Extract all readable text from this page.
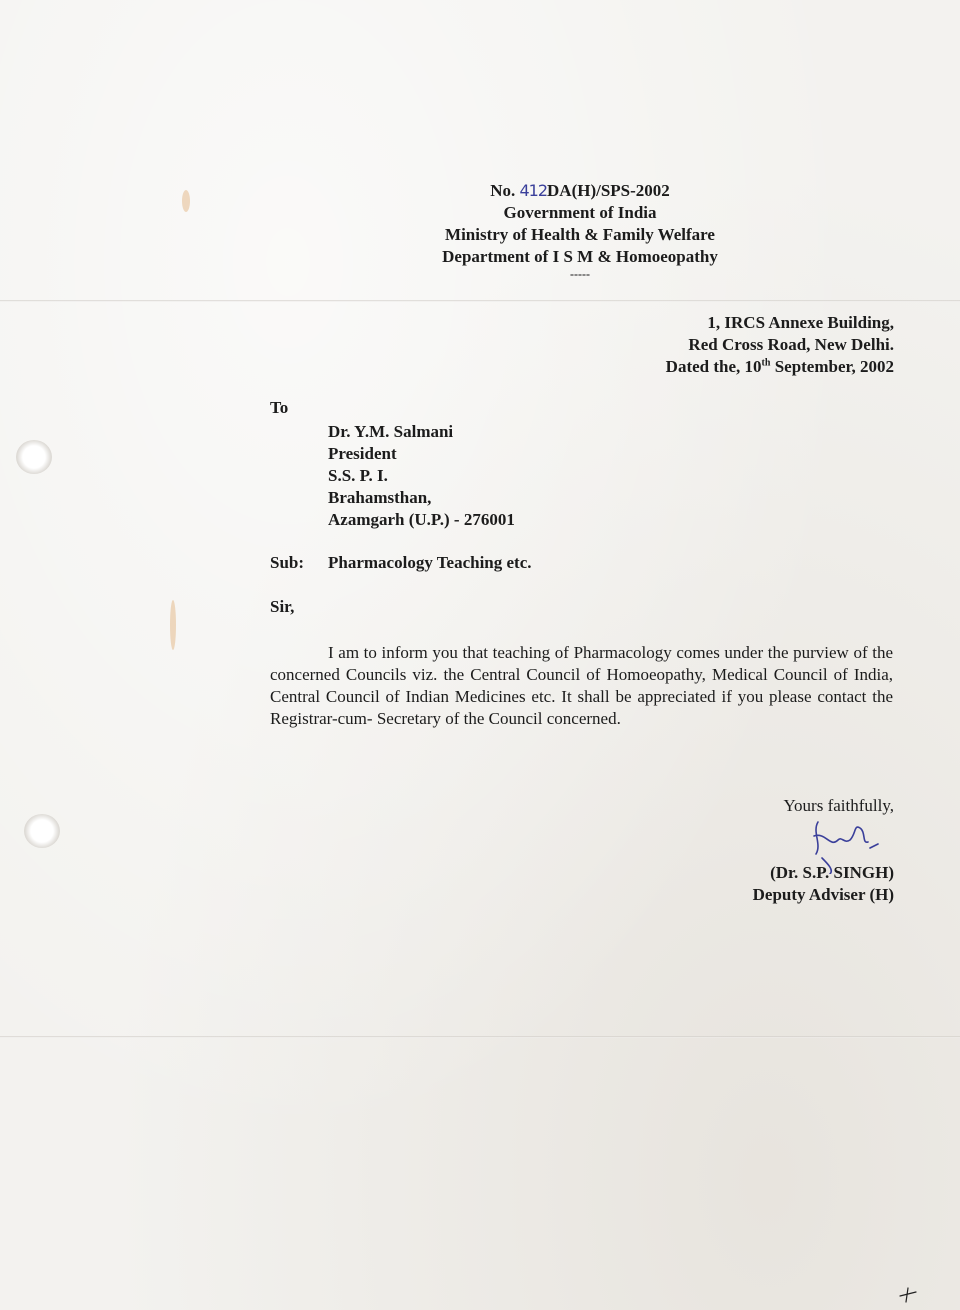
No. 412DA(H)/SPS-2002
Government of India
Ministry of Health & Family Welfare
Department of I S M & Homoeopathy
-----
1, IRCS Annexe Building,
Red Cross Road, New Delhi.
Dated the, 10th September, 2002
To
Dr. Y.M. Salmani
President
S.S. P. I.
Brahamsthan,
Azamgarh (U.P.) - 276001
Sub: Pharmacology Teaching etc.
Sir,
I am to inform you that teaching of Pharmacology comes under the purview of the concerned Councils viz. the Central Council of Homoeopathy, Medical Council of India, Central Council of Indian Medicines etc. It shall be appreciated if you please contact the Registrar-cum- Secretary of the Council concerned.
Yours faithfully,
(Dr. S.P. SINGH)
Deputy Adviser (H)
